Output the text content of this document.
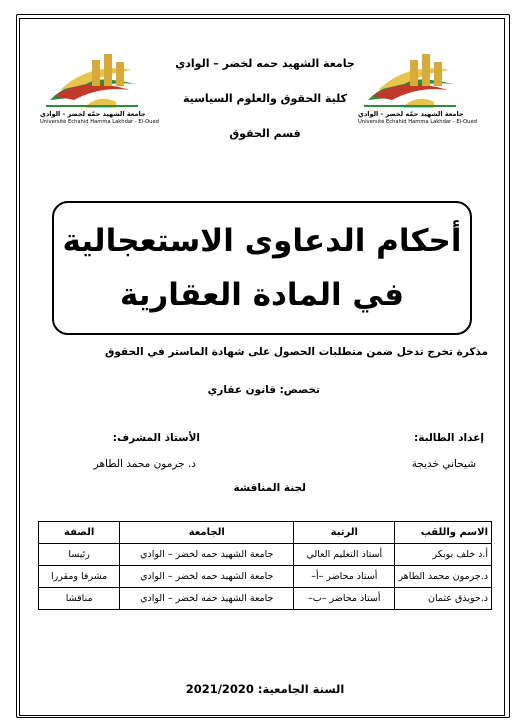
جامعة الشهيد حمّه لخضر - الوادي
Université Echahid Hamma Lakhdar - El-Oued
جامعة الشهيد حمّه لخضر - الوادي
Université Echahid Hamma Lakhdar - El-Oued
جامعة الشهيد حمه لخضر – الوادي
كلية الحقوق والعلوم السياسية
قسم الحقوق
أحكام الدعاوى الاستعجالية
في المادة العقارية
مذكرة تخرج تدخل ضمن متطلبات الحصول على شهادة الماستر في الحقوق
تخصص: قانون عقاري
إعداد الطالبة:
الأستاذ المشرف:
شيحاني خديجة
د. جرمون محمد الطاهر
لجنة المناقشة
الاسم واللقب	الرتبة	الجامعة	الصفة
أ.د خلف بوبكر	أستاذ التعليم العالي	جامعة الشهيد حمه لخضر – الوادي	رئيسا
د.جرمون محمد الطاهر	أستاذ محاضر –أ–	جامعة الشهيد حمه لخضر – الوادي	مشرفا ومقررا
د.حويذق عثمان	أستاذ محاضر –ب–	جامعة الشهيد حمه لخضر – الوادي	مناقشا
السنة الجامعية: 2021/2020
